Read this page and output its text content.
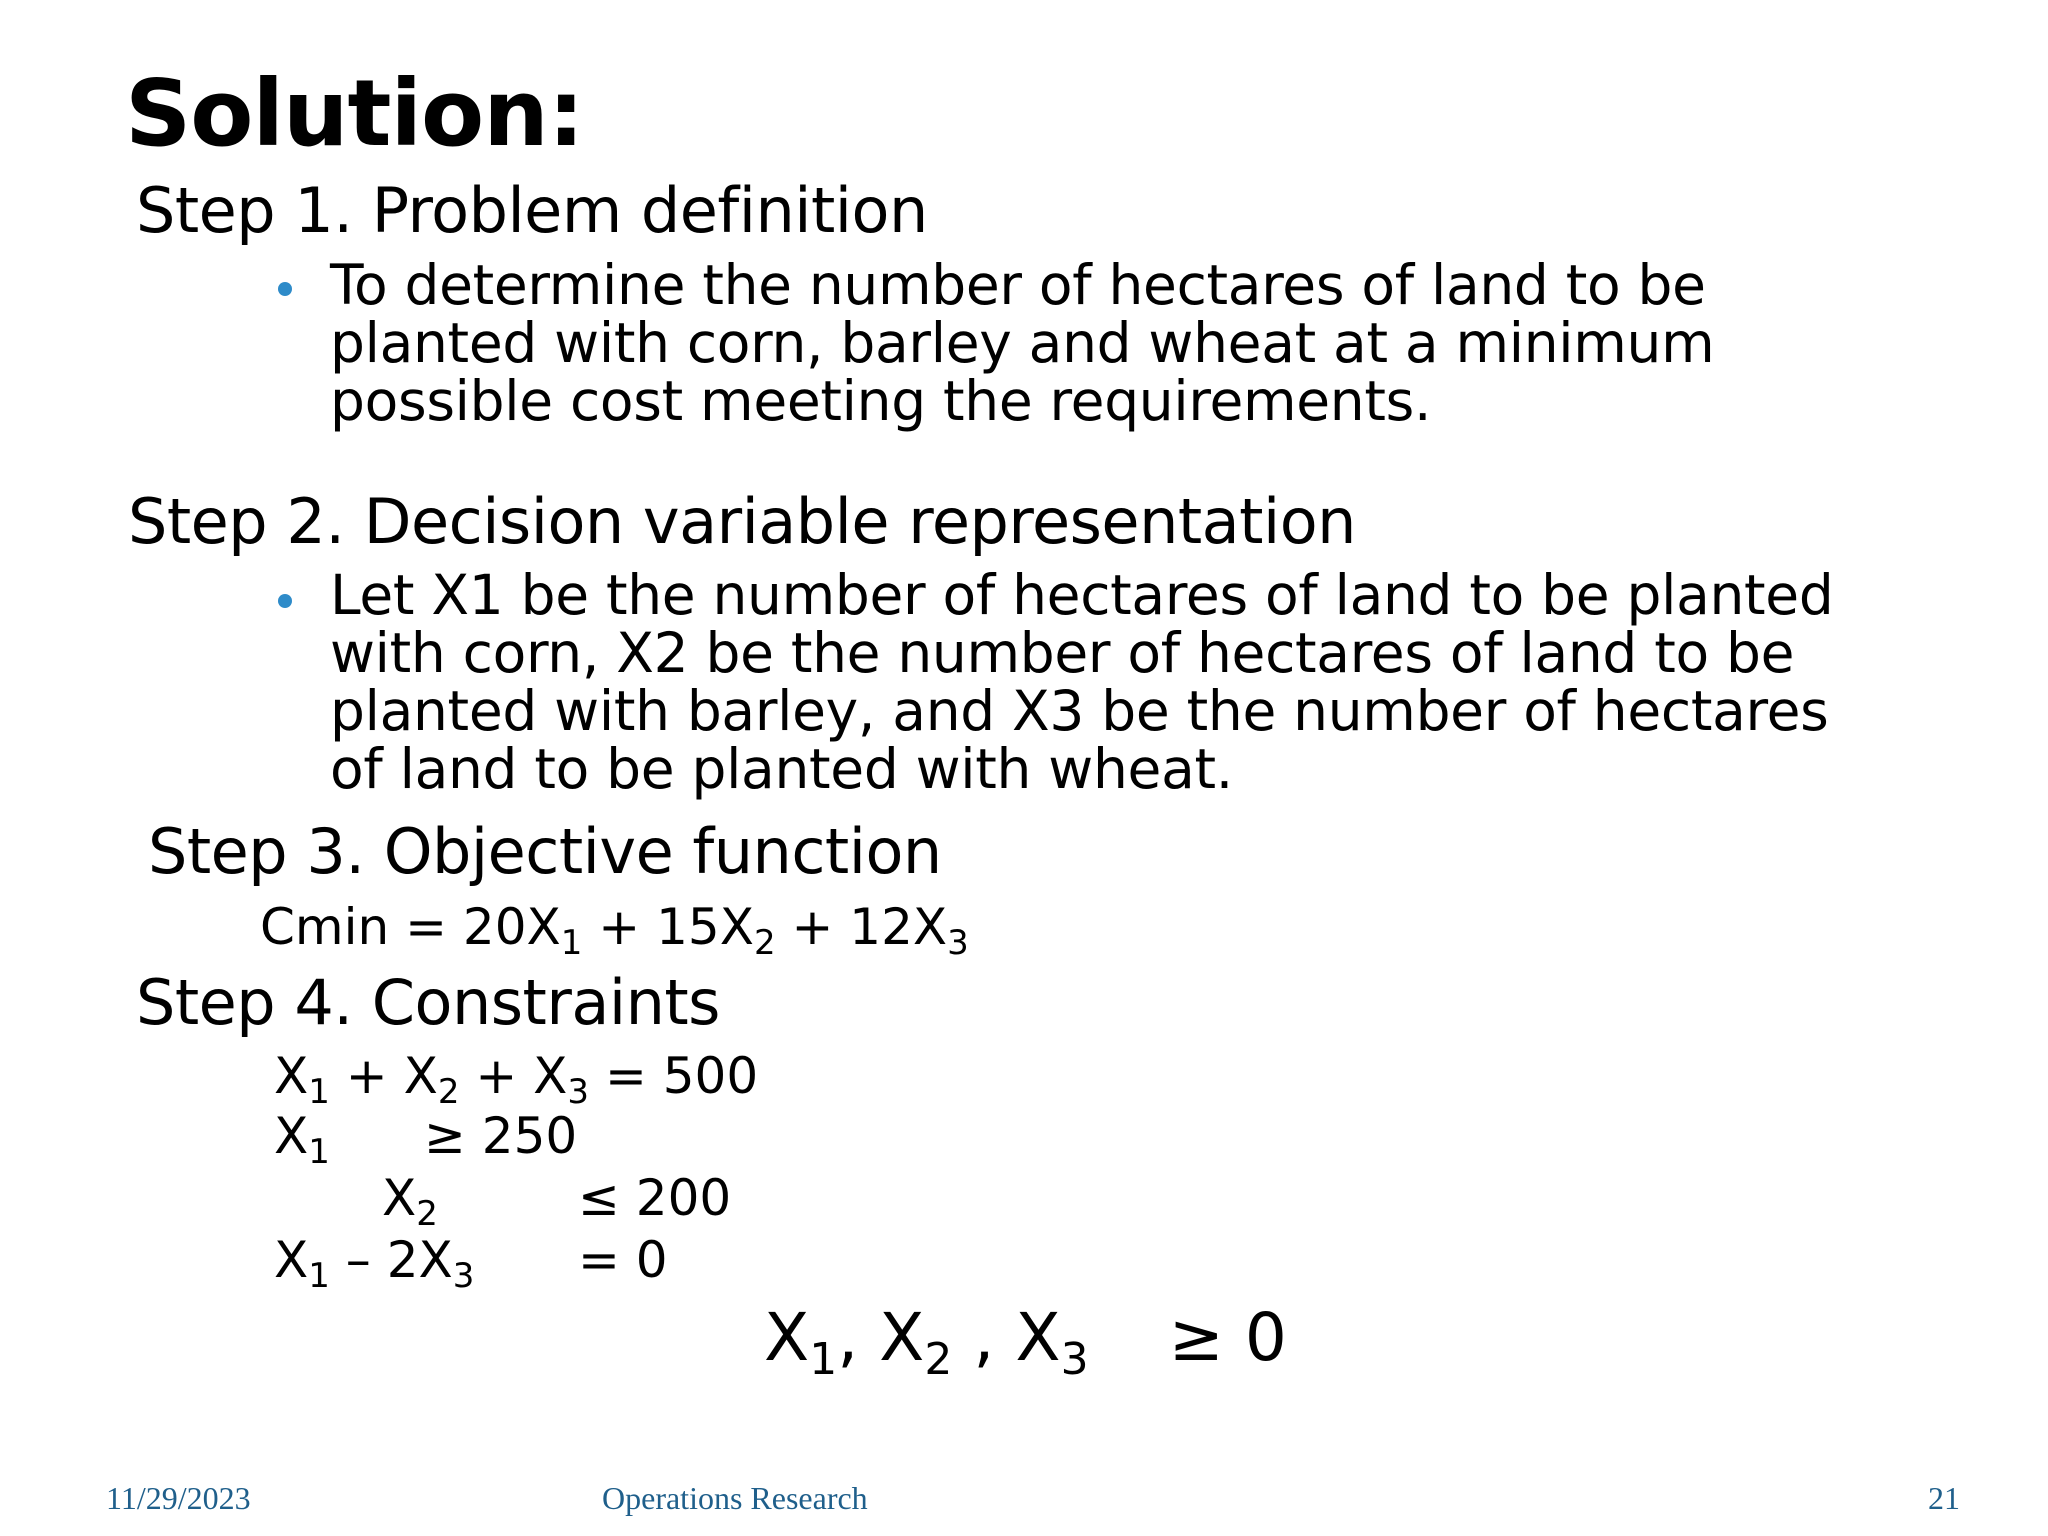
Solution:
Step 1. Problem definition
To determine the number of hectares of land to be
planted with corn, barley and wheat at a minimum
possible cost meeting the requirements.
Step 2. Decision variable representation
Let X1 be the number of hectares of land to be planted
with corn, X2 be the number of hectares of land to be
planted with barley, and X3 be the number of hectares
of land to be planted with wheat.
Step 3. Objective function
$Cmin = 20X_1 + 15X_2 + 12X_3$
Step 4. Constraints
$X_1 + X_2 + X_3 = 500$
$X_1 \ge 250$
$X_2$	≤ 200
$X_1 - 2X_3 = 0$
$X_1$, $X_2$ , $X_3 \ge 0$
11/29/2023	Operations Research	21
